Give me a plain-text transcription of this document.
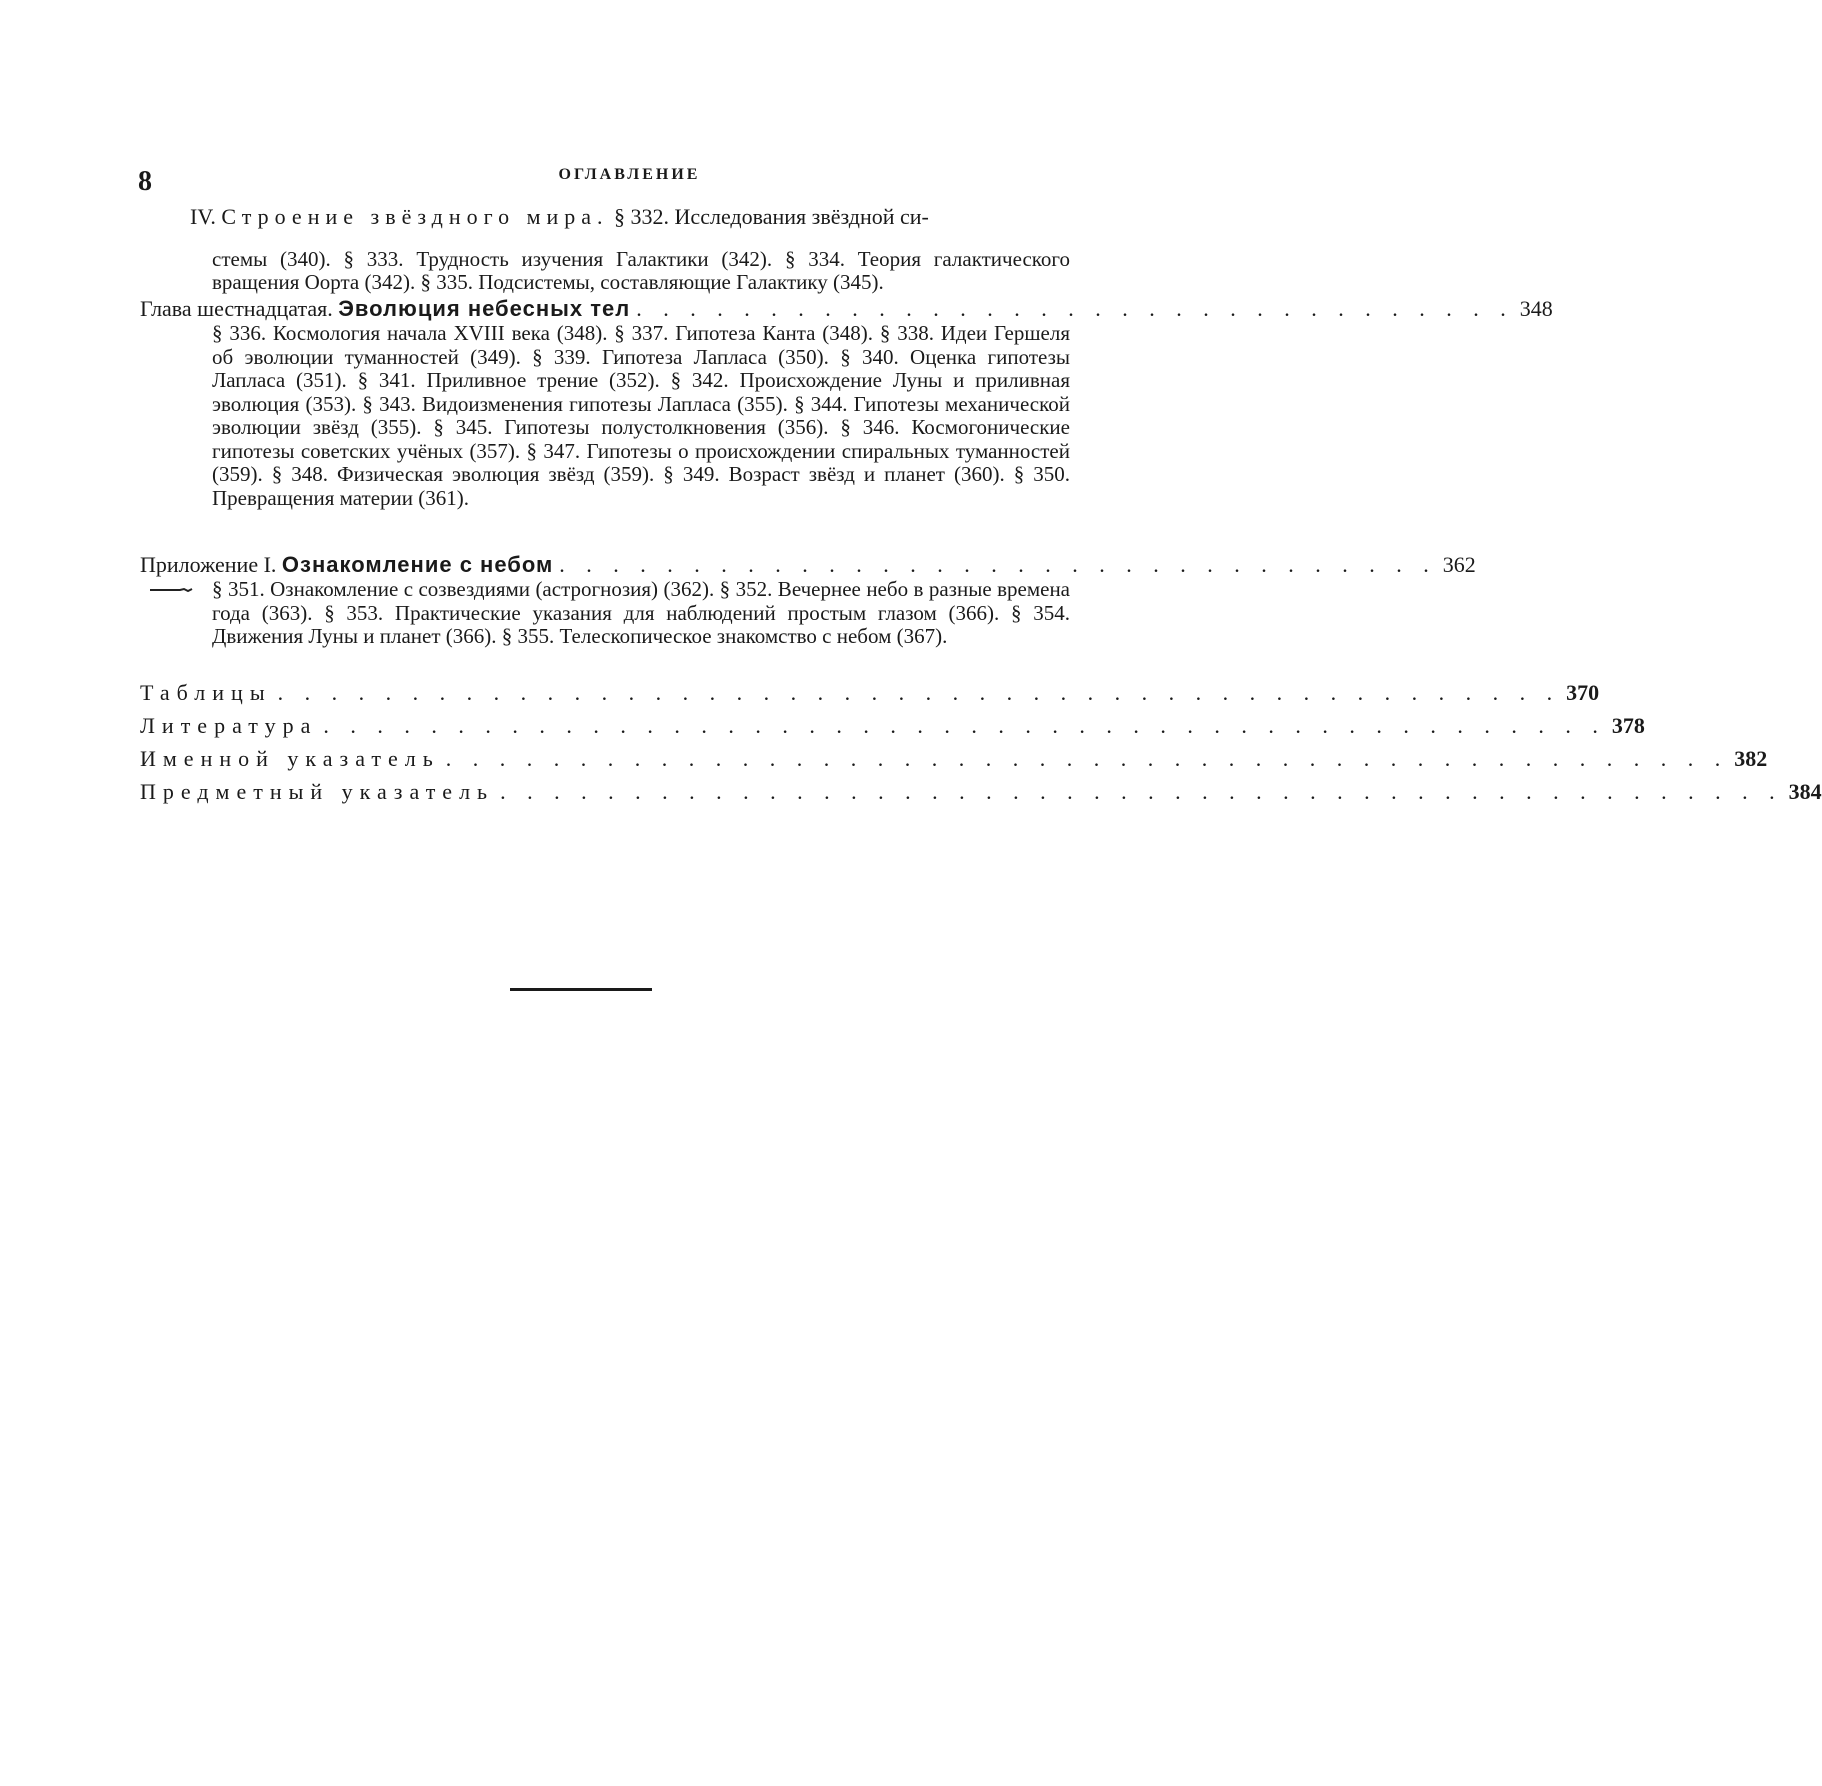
8	ОГЛАВЛЕНИЕ
IV. Строение звёздного мира. § 332. Исследования звёздной си-
стемы (340). § 333. Трудность изучения Галактики (342). § 334. Теория галактического вращения Оорта (342). § 335. Подсистемы, составляющие Галактику (345).
Глава шестнадцатая. Эволюция небесных тел . . . . . . . . . . . . . . . . . . . . . . . . . . . . . . . . . 348
§ 336. Космология начала XVIII века (348). § 337. Гипотеза Канта (348). § 338. Идеи Гершеля об эволюции туманностей (349). § 339. Гипотеза Лапласа (350). § 340. Оценка гипотезы Лапласа (351). § 341. Приливное трение (352). § 342. Происхождение Луны и приливная эволюция (353). § 343. Видоизменения гипотезы Лапласа (355). § 344. Гипотезы механической эволюции звёзд (355). § 345. Гипотезы полустолкновения (356). § 346. Космогонические гипотезы советских учёных (357). § 347. Гипотезы о происхождении спиральных туманностей (359). § 348. Физическая эволюция звёзд (359). § 349. Возраст звёзд и планет (360). § 350. Превращения материи (361).
Приложение I. Ознакомление с небом . . . . . . . . . . . . . . . . . . . . . . . . . . . . . . . . . 362
§ 351. Ознакомление с созвездиями (астрогнозия) (362). § 352. Вечернее небо в разные времена года (363). § 353. Практические указания для наблюдений простым глазом (366). § 354. Движения Луны и планет (366). § 355. Телескопическое знакомство с небом (367).
Таблицы . . . . . . . . . . . . . . . . . . . . . . . . . . . . . . . . . . . . . . . . . . . . . . . . 370
Литература . . . . . . . . . . . . . . . . . . . . . . . . . . . . . . . . . . . . . . . . . . . . . . . . 378
Именной указатель . . . . . . . . . . . . . . . . . . . . . . . . . . . . . . . . . . . . . . . . . . . . . . . . 382
Предметный указатель . . . . . . . . . . . . . . . . . . . . . . . . . . . . . . . . . . . . . . . . . . . . . . . . 384
